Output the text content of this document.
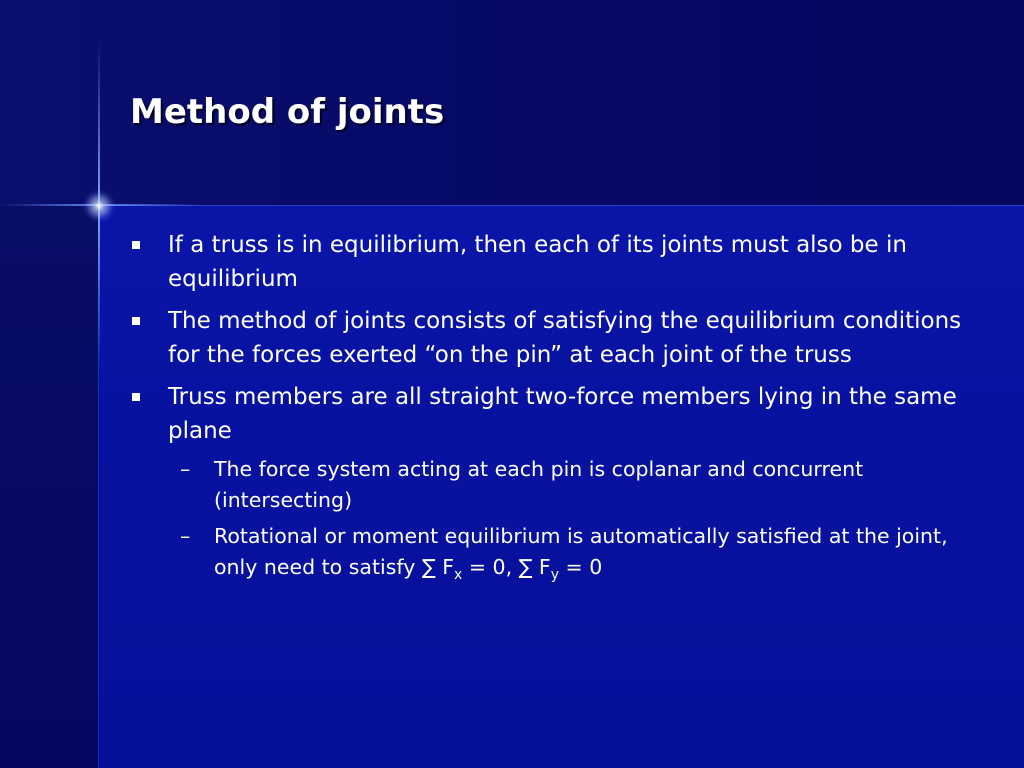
Method of joints
If a truss is in equilibrium, then each of its joints must also be in equilibrium
The method of joints consists of satisfying the equilibrium conditions for the forces exerted “on the pin” at each joint of the truss
Truss members are all straight two-force members lying in the same plane
– The force system acting at each pin is coplanar and concurrent (intersecting)
– Rotational or moment equilibrium is automatically satisfied at the joint, only need to satisfy ∑ $F_x = 0$, ∑ $F_y = 0$
